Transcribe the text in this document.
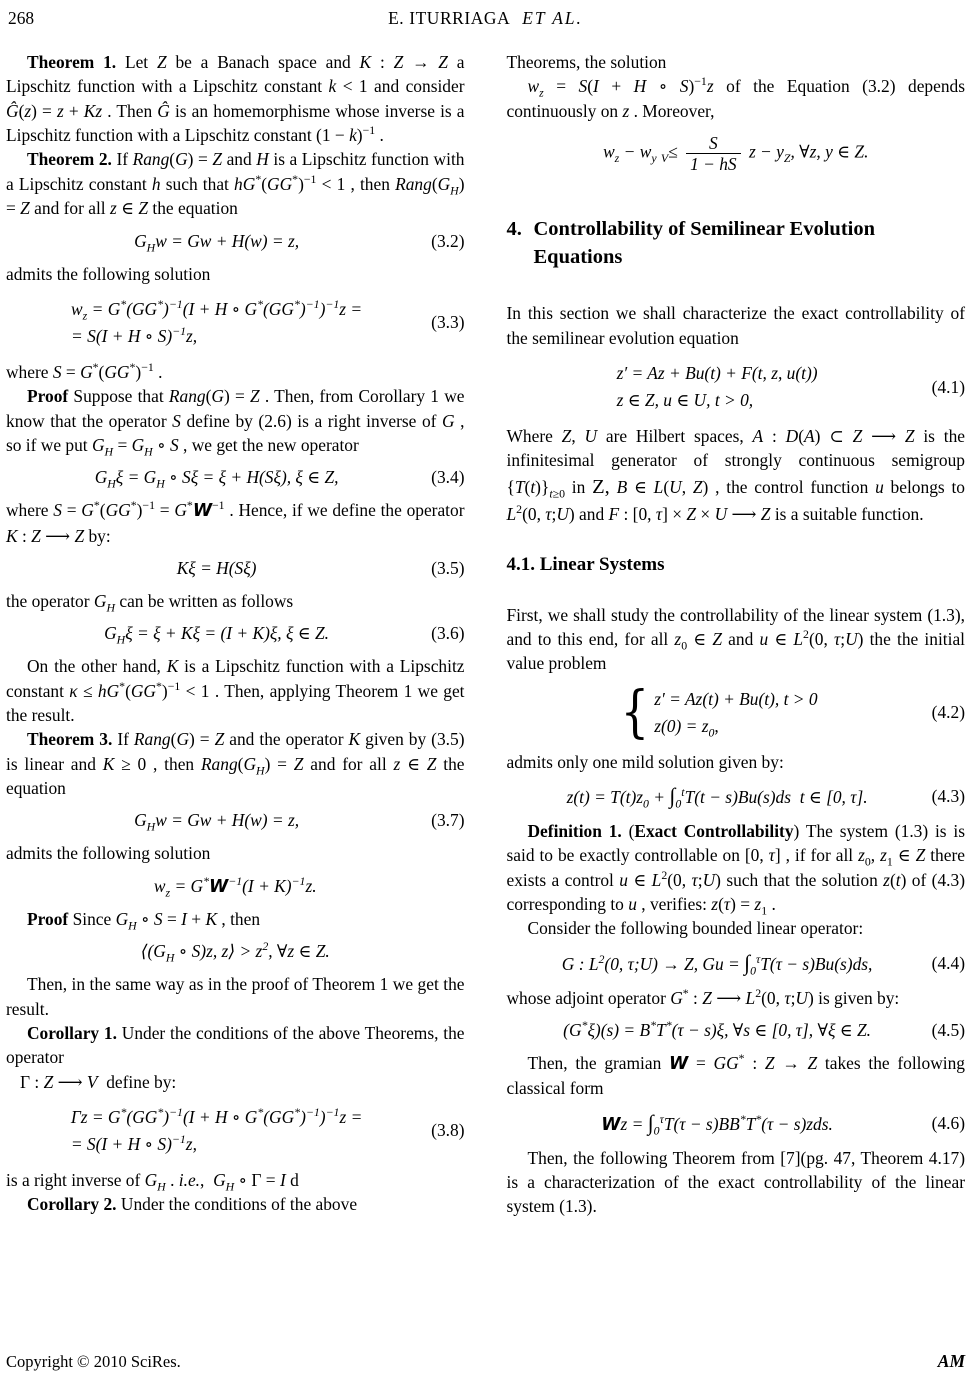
268	E. ITURRIAGA ET AL.

Theorem 1. Let Z be a Banach space and K : Z → Z a Lipschitz function with a Lipschitz constant k < 1 and consider Ĝ(z) = z + Kz . Then Ĝ is an homemorphisme whose inverse is a Lipschitz function with a Lipschitz constant $(1 - k)^{-1}$ .

Theorem 2. If Rang(G) = Z and H is a Lipschitz function with a Lipschitz constant h such that $hG^*(GG^*)^{-1} < 1$ , then $Rang(G_H) = Z$ and for all z ∈ Z the equation

$G_Hw = Gw + H(w) = z$,	(3.2)

admits the following solution

$w_z = G^*(GG^*)^{-1}(I + H$ ∘ $G^*(GG^*)^{-1})^{-1}z$ =
= S(I + H ∘ S)$^{-1}$z,
(3.3)

where $S = G^*(GG^*)^{-1}$ .

Proof Suppose that Rang(G) = Z . Then, from Corollary 1 we know that the operator S define by (2.6) is a right inverse of G , so if we put $G_H = G_H$ ∘ S , we get the new operator

$G_H\xi = G_H$ ∘ Sξ = ξ + H(Sξ), ξ ∈ Z,	(3.4)

where $S = G^*(GG^*)^{-1} = G^*W^{-1}$ . Hence, if we define the operator K : Z ⟶ Z by:

Kξ = H(Sξ)	(3.5)

the operator $G_H$ can be written as follows

$G_H\xi = \xi + K\xi = (I + K)\xi$, ξ ∈ Z.	(3.6)

On the other hand, K is a Lipschitz function with a Lipschitz constant $\kappa \le hG^*(GG^*)^{-1} < 1$ . Then, applying Theorem 1 we get the result.

Theorem 3. If Rang(G) = Z and the operator K given by (3.5) is linear and K ≥ 0 , then $Rang(G_H) = Z$ and for all z ∈ Z the equation

$G_Hw = Gw + H(w) = z$,	(3.7)

admits the following solution

$w_z = G^*W^{-1}(I + K)^{-1}z$.

Proof Since $G_H$ ∘ S = I + K , then

$⟨(G_H$ ∘ S)z, z⟩ > $z^2$, ∀z ∈ Z.

Then, in the same way as in the proof of Theorem 1 we get the result.

Corollary 1. Under the conditions of the above Theorems, the operator

Γ : Z ⟶ V  define by:

$\Gamma z = G^*(GG^*)^{-1}(I + H$ ∘ $G^*(GG^*)^{-1})^{-1}z$ =
= S(I + H ∘ S)$^{-1}$z,
(3.8)

is a right inverse of $G_H$ . i.e.,  $G_H$ ∘ Γ = I d

Corollary 2. Under the conditions of the above

Theorems, the solution

$w_z = S(I + H$ ∘ S)$^{-1}$z of the Equation (3.2) depends continuously on z . Moreover,

$w_z - w_y$ $_V\le \frac{S}{1 - hS}$ $z - y_Z$, ∀z, y ∈ Z.
4. Controllability of Semilinear Evolution Equations

In this section we shall characterize the exact controllability of the semilinear evolution equation

z′ = Az + Bu(t) + F(t, z, u(t))
z ∈ Z, u ∈ U, t > 0,
(4.1)

Where Z, U are Hilbert spaces, A : D(A) ⊂ Z ⟶ Z is the infinitesimal generator of strongly continuous semigroup $\{T(t)\}_{t\ge 0}$ in Z, B ∈ L(U, Z) , the control function u belongs to $L^2(0$, τ;U) and F : [0, τ] × Z × U ⟶ Z is a suitable function.

4.1. Linear Systems

First, we shall study the controllability of the linear system (1.3), and to this end, for all $z_0$ ∈ Z and u ∈ $L^2(0$, τ;U) the the initial value problem

{ z′ = Az(t) + Bu(t), t > 0
$z(0) = z_0$,
(4.2)

admits only one mild solution given by:

$z(t) = T(t)z_0 + \int_0^tT(t - s)Bu(s)ds$  t ∈ [0, τ].	(4.3)

Definition 1. (Exact Controllability) The system (1.3) is is said to be exactly controllable on [0, τ] , if for all $z_0$, $z_1$ ∈ Z there exists a control u ∈ $L^2(0$, τ;U) such that the solution z(t) of (4.3) corresponding to u , verifies: $z(\tau) = z_1$ .

Consider the following bounded linear operator:

G : $L^2(0$, τ;U) → Z, $Gu = \int_0^\tau T(\tau - s)Bu(s)ds$,	(4.4)

whose adjoint operator G* : Z ⟶ $L^2(0$, τ;U) is given by:

(G*ξ)(s) = B*T*(τ − s)ξ, ∀s ∈ [0, τ], ∀ξ ∈ Z.	(4.5)

Then, the gramian W = GG* : Z → Z takes the following classical form

$Wz = \int_0^\tau T(\tau - s)BB^*T^*(\tau - s)zds$.	(4.6)

Then, the following Theorem from [7](pg. 47, Theorem 4.17) is a characterization of the exact controllability of the linear system (1.3).

Copyright © 2010 SciRes.	AM
